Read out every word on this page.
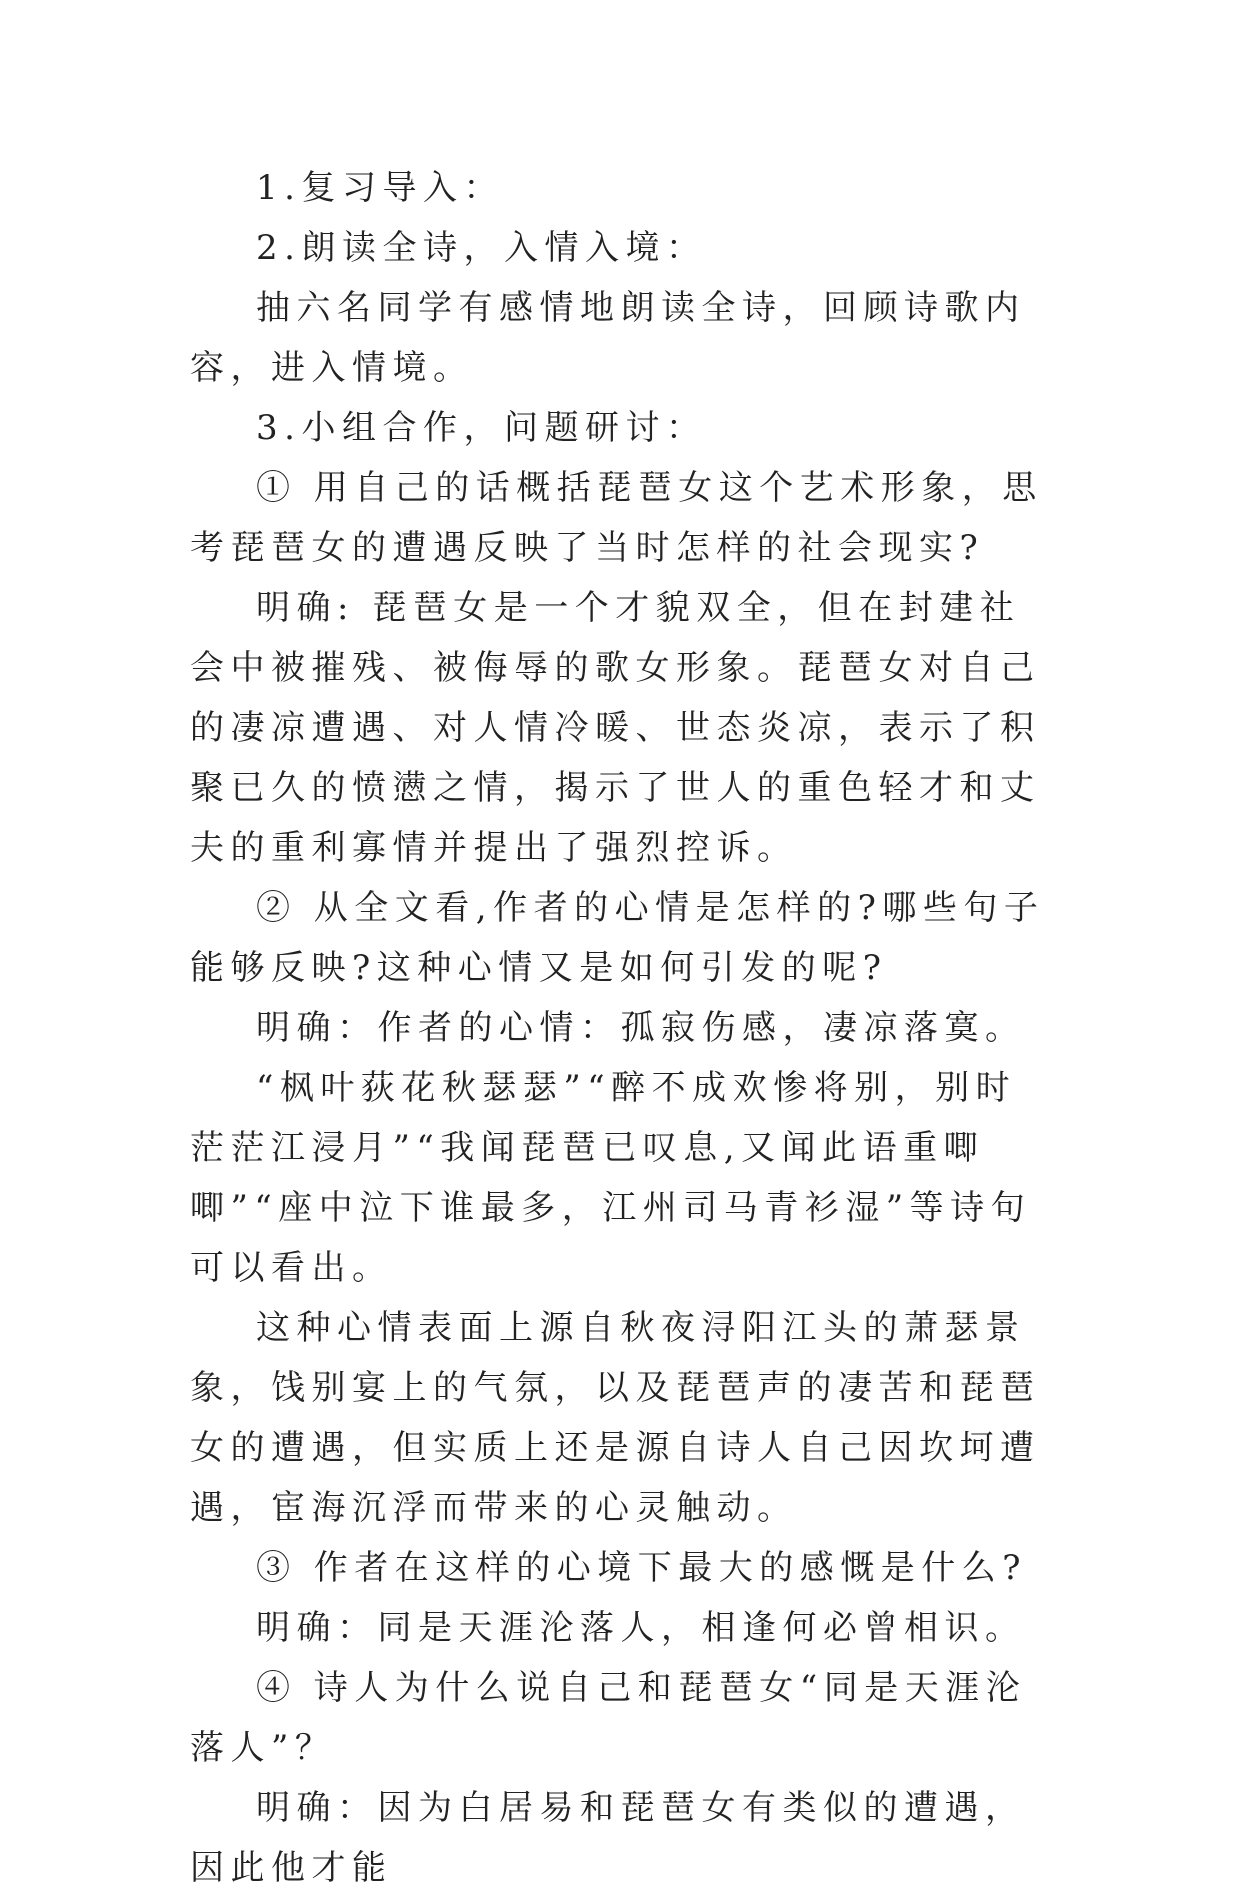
1.复习导入：

2.朗读全诗，入情入境：

抽六名同学有感情地朗读全诗，回顾诗歌内容，进入情境。

3.小组合作，问题研讨：

① 用自己的话概括琵琶女这个艺术形象，思考琵琶女的遭遇反映了当时怎样的社会现实?

明确: 琵琶女是一个才貌双全，但在封建社会中被摧残、被侮辱的歌女形象。琵琶女对自己的凄凉遭遇、对人情冷暖、世态炎凉，表示了积聚已久的愤懑之情，揭示了世人的重色轻才和丈夫的重利寡情并提出了强烈控诉。

② 从全文看,作者的心情是怎样的?哪些句子能够反映?这种心情又是如何引发的呢?

明确：作者的心情：孤寂伤感，凄凉落寞。

“枫叶荻花秋瑟瑟”“醉不成欢惨将别，别时茫茫江浸月”“我闻琵琶已叹息,又闻此语重唧唧”“座中泣下谁最多，江州司马青衫湿”等诗句可以看出。

这种心情表面上源自秋夜浔阳江头的萧瑟景象，饯别宴上的气氛，以及琵琶声的凄苦和琵琶女的遭遇，但实质上还是源自诗人自己因坎坷遭遇，宦海沉浮而带来的心灵触动。

③ 作者在这样的心境下最大的感慨是什么?

明确：同是天涯沦落人，相逢何必曾相识。

④ 诗人为什么说自己和琵琶女“同是天涯沦落人”？

明确：因为白居易和琵琶女有类似的遭遇，因此他才能
